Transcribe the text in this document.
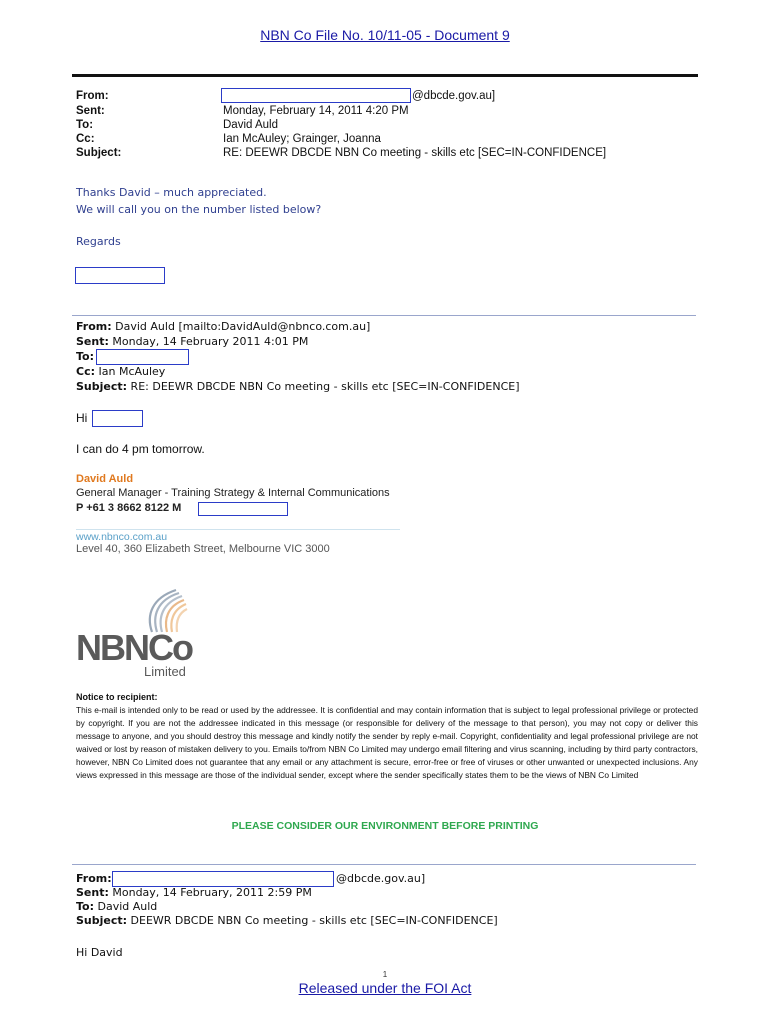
NBN Co File No. 10/11-05 - Document 9
From:	@dbcde.gov.au]
Sent:	Monday, February 14, 2011 4:20 PM
To:	David Auld
Cc:	Ian McAuley; Grainger, Joanna
Subject:	RE: DEEWR DBCDE NBN Co meeting - skills etc [SEC=IN-CONFIDENCE]
Thanks David – much appreciated.
We will call you on the number listed below?
Regards
From: David Auld [mailto:DavidAuld@nbnco.com.au]
Sent: Monday, 14 February 2011 4:01 PM
To:
Cc: Ian McAuley
Subject: RE: DEEWR DBCDE NBN Co meeting - skills etc [SEC=IN-CONFIDENCE]
Hi
I can do 4 pm tomorrow.
David Auld
General Manager - Training Strategy & Internal Communications
P +61 3 8662 8122 M
www.nbnco.com.au
Level 40, 360 Elizabeth Street, Melbourne VIC 3000
NBNCo
Limited
Notice to recipient:
This e-mail is intended only to be read or used by the addressee. It is confidential and may contain information that is subject to legal professional privilege or protected by copyright. If you are not the addressee indicated in this message (or responsible for delivery of the message to that person), you may not copy or deliver this message to anyone, and you should destroy this message and kindly notify the sender by reply e-mail. Copyright, confidentiality and legal professional privilege are not waived or lost by reason of mistaken delivery to you. Emails to/from NBN Co Limited may undergo email filtering and virus scanning, including by third party contractors, however, NBN Co Limited does not guarantee that any email or any attachment is secure, error-free or free of viruses or other unwanted or unexpected inclusions. Any views expressed in this message are those of the individual sender, except where the sender specifically states them to be the views of NBN Co Limited
PLEASE CONSIDER OUR ENVIRONMENT BEFORE PRINTING
From:	@dbcde.gov.au]
Sent: Monday, 14 February, 2011 2:59 PM
To: David Auld
Subject: DEEWR DBCDE NBN Co meeting - skills etc [SEC=IN-CONFIDENCE]
Hi David
1
Released under the FOI Act
